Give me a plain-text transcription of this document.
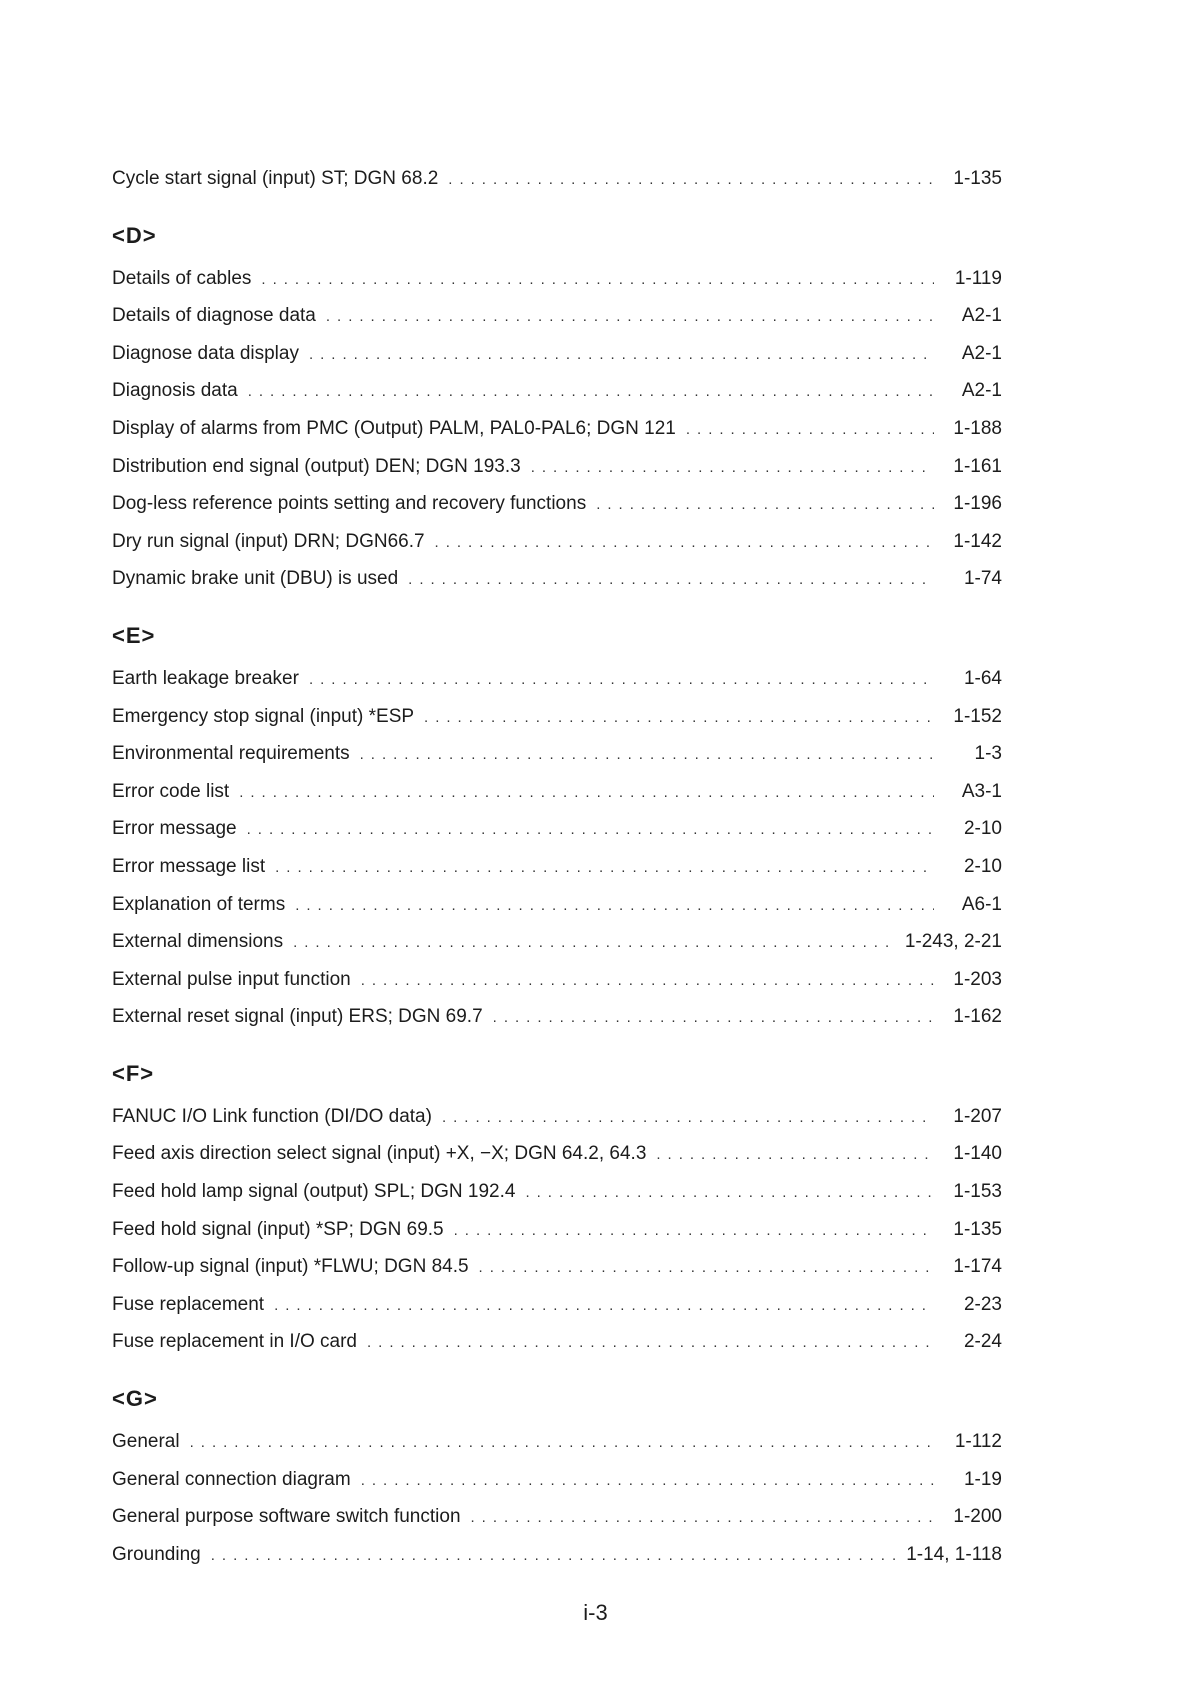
Cycle start signal (input) ST; DGN 68.2 .....	1-135
<D>
Details of cables .....	1-119
Details of diagnose data .....	A2-1
Diagnose data display .....	A2-1
Diagnosis data .....	A2-1
Display of alarms from PMC (Output) PALM, PAL0-PAL6; DGN 121 .....	1-188
Distribution end signal (output) DEN; DGN 193.3 .....	1-161
Dog-less reference points setting and recovery functions .....	1-196
Dry run signal (input) DRN; DGN66.7 .....	1-142
Dynamic brake unit (DBU) is used .....	1-74
<E>
Earth leakage breaker .....	1-64
Emergency stop signal (input) *ESP .....	1-152
Environmental requirements .....	1-3
Error code list .....	A3-1
Error message .....	2-10
Error message list .....	2-10
Explanation of terms .....	A6-1
External dimensions .....	1-243, 2-21
External pulse input function .....	1-203
External reset signal (input) ERS; DGN 69.7 .....	1-162
<F>
FANUC I/O Link function (DI/DO data) .....	1-207
Feed axis direction select signal (input) +X, −X; DGN 64.2, 64.3 .....	1-140
Feed hold lamp signal (output) SPL; DGN 192.4 .....	1-153
Feed hold signal (input) *SP; DGN 69.5 .....	1-135
Follow-up signal (input) *FLWU; DGN 84.5 .....	1-174
Fuse replacement .....	2-23
Fuse replacement in I/O card .....	2-24
<G>
General .....	1-112
General connection diagram .....	1-19
General purpose software switch function .....	1-200
Grounding .....	1-14, 1-118
i-3
